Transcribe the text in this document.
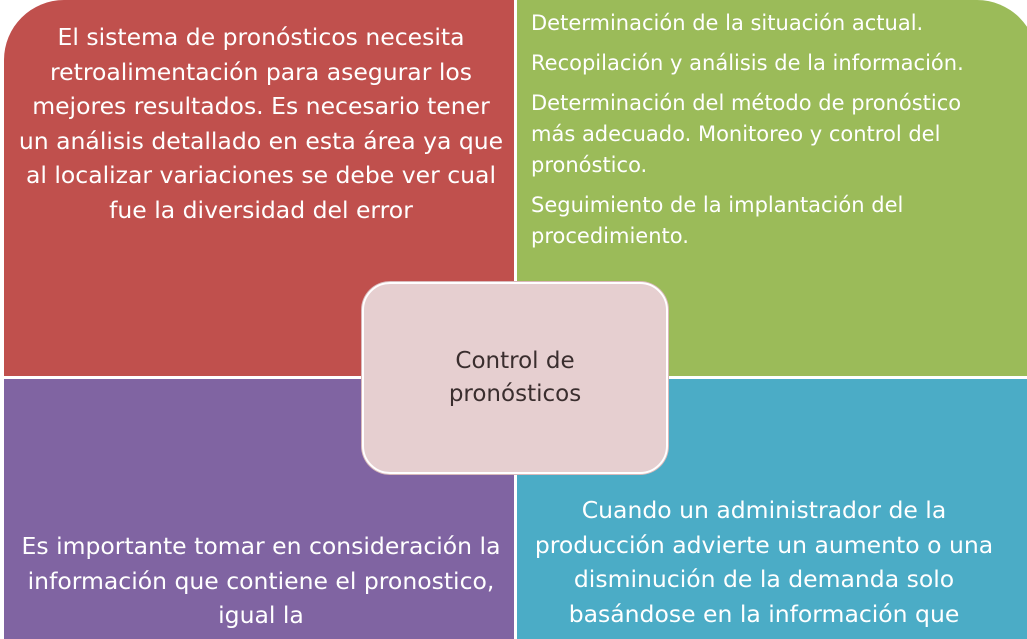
El sistema de pronósticos necesita retroalimentación para asegurar los mejores resultados. Es necesario tener un análisis detallado en esta área ya que al localizar variaciones se debe ver cual fue la diversidad del error
Determinación de la situación actual.
Recopilación y análisis de la información.
Determinación del método de pronóstico más adecuado. Monitoreo y control del pronóstico.
Seguimiento de la implantación del procedimiento.
Es importante tomar en consideración la información que contiene el pronostico, igual la
Cuando un administrador de la producción advierte un aumento o una disminución de la demanda solo basándose en la información que
Control de pronósticos
